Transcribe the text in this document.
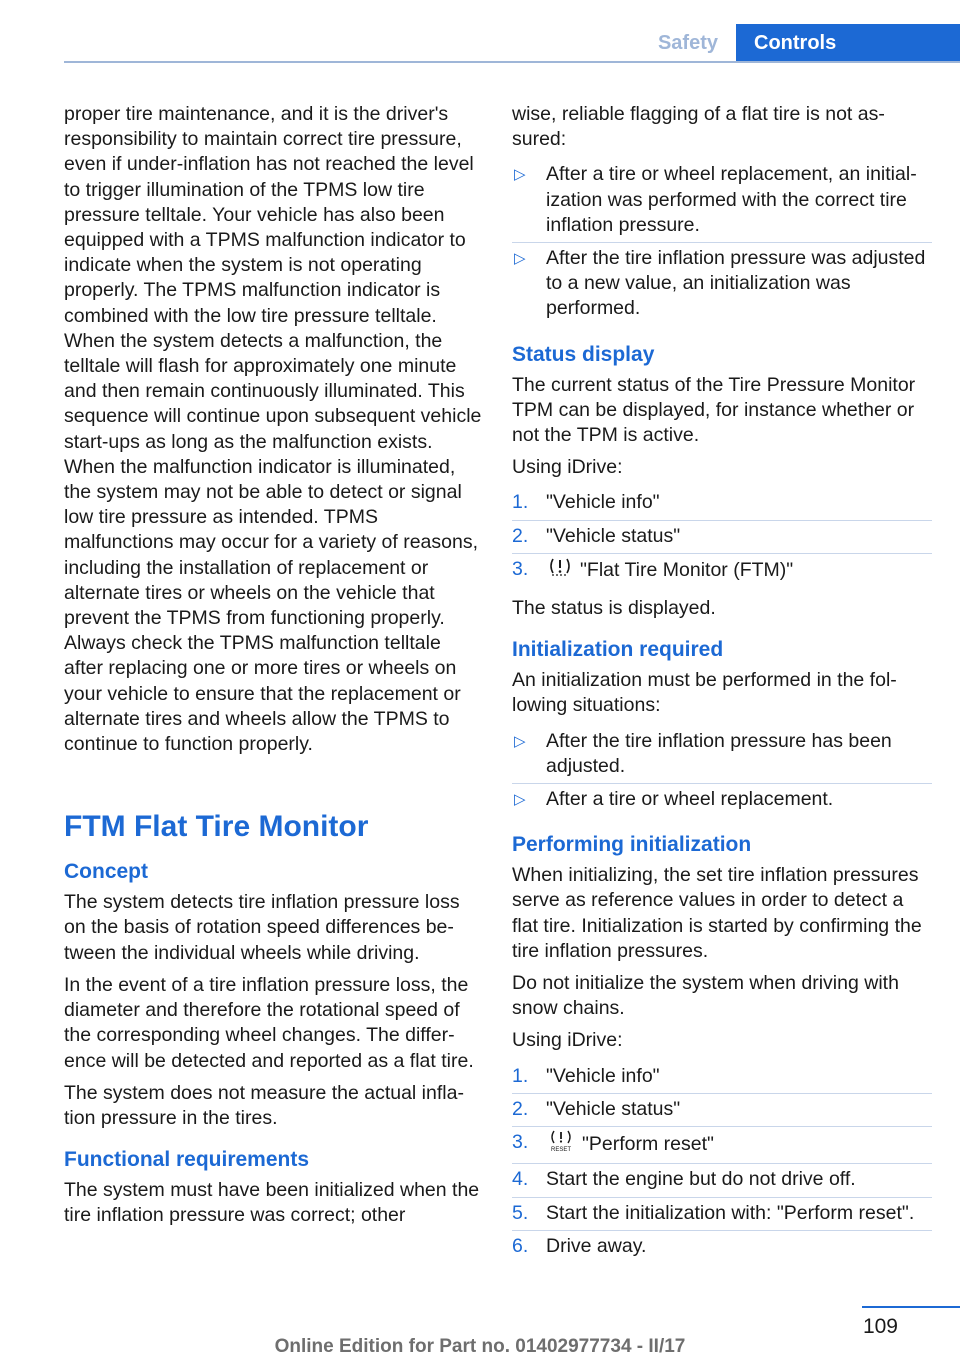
Safety	Controls

proper tire maintenance, and it is the driver's responsibility to maintain correct tire pressure, even if under-inflation has not reached the level to trigger illumination of the TPMS low tire pressure telltale. Your vehicle has also been equipped with a TPMS malfunction indicator to indicate when the system is not operating properly. The TPMS malfunction indicator is combined with the low tire pressure telltale. When the system detects a malfunction, the telltale will flash for approximately one minute and then remain continuously illuminated. This sequence will continue upon subsequent vehicle start-ups as long as the malfunction exists. When the malfunction indicator is illuminated, the system may not be able to detect or signal low tire pressure as intended. TPMS malfunctions may occur for a variety of reasons, including the installation of replacement or alternate tires or wheels on the vehicle that prevent the TPMS from functioning properly. Always check the TPMS malfunction telltale after replacing one or more tires or wheels on your vehicle to ensure that the replacement or alternate tires and wheels allow the TPMS to continue to function properly.

FTM Flat Tire Monitor
Concept

The system detects tire inflation pressure loss on the basis of rotation speed differences between the individual wheels while driving.

In the event of a tire inflation pressure loss, the diameter and therefore the rotational speed of the corresponding wheel changes. The difference will be detected and reported as a flat tire.

The system does not measure the actual inflation pressure in the tires.

Functional requirements

The system must have been initialized when the tire inflation pressure was correct; other

wise, reliable flagging of a flat tire is not assured:

▷ After a tire or wheel replacement, an initialization was performed with the correct tire inflation pressure.
▷ After the tire inflation pressure was adjusted to a new value, an initialization was performed.
Status display

The current status of the Tire Pressure Monitor TPM can be displayed, for instance whether or not the TPM is active.

Using iDrive:

1. "Vehicle info"
2. "Vehicle status"
3.	"Flat Tire Monitor (FTM)"

The status is displayed.

Initialization required

An initialization must be performed in the following situations:

▷ After the tire inflation pressure has been adjusted.
▷ After a tire or wheel replacement.
Performing initialization

When initializing, the set tire inflation pressures serve as reference values in order to detect a flat tire. Initialization is started by confirming the tire inflation pressures.

Do not initialize the system when driving with snow chains.

Using iDrive:

1. "Vehicle info"
2. "Vehicle status"
3.	RESET "Perform reset"
4. Start the engine but do not drive off.
5. Start the initialization with: "Perform reset".
6. Drive away.
109
Online Edition for Part no. 01402977734 - II/17
